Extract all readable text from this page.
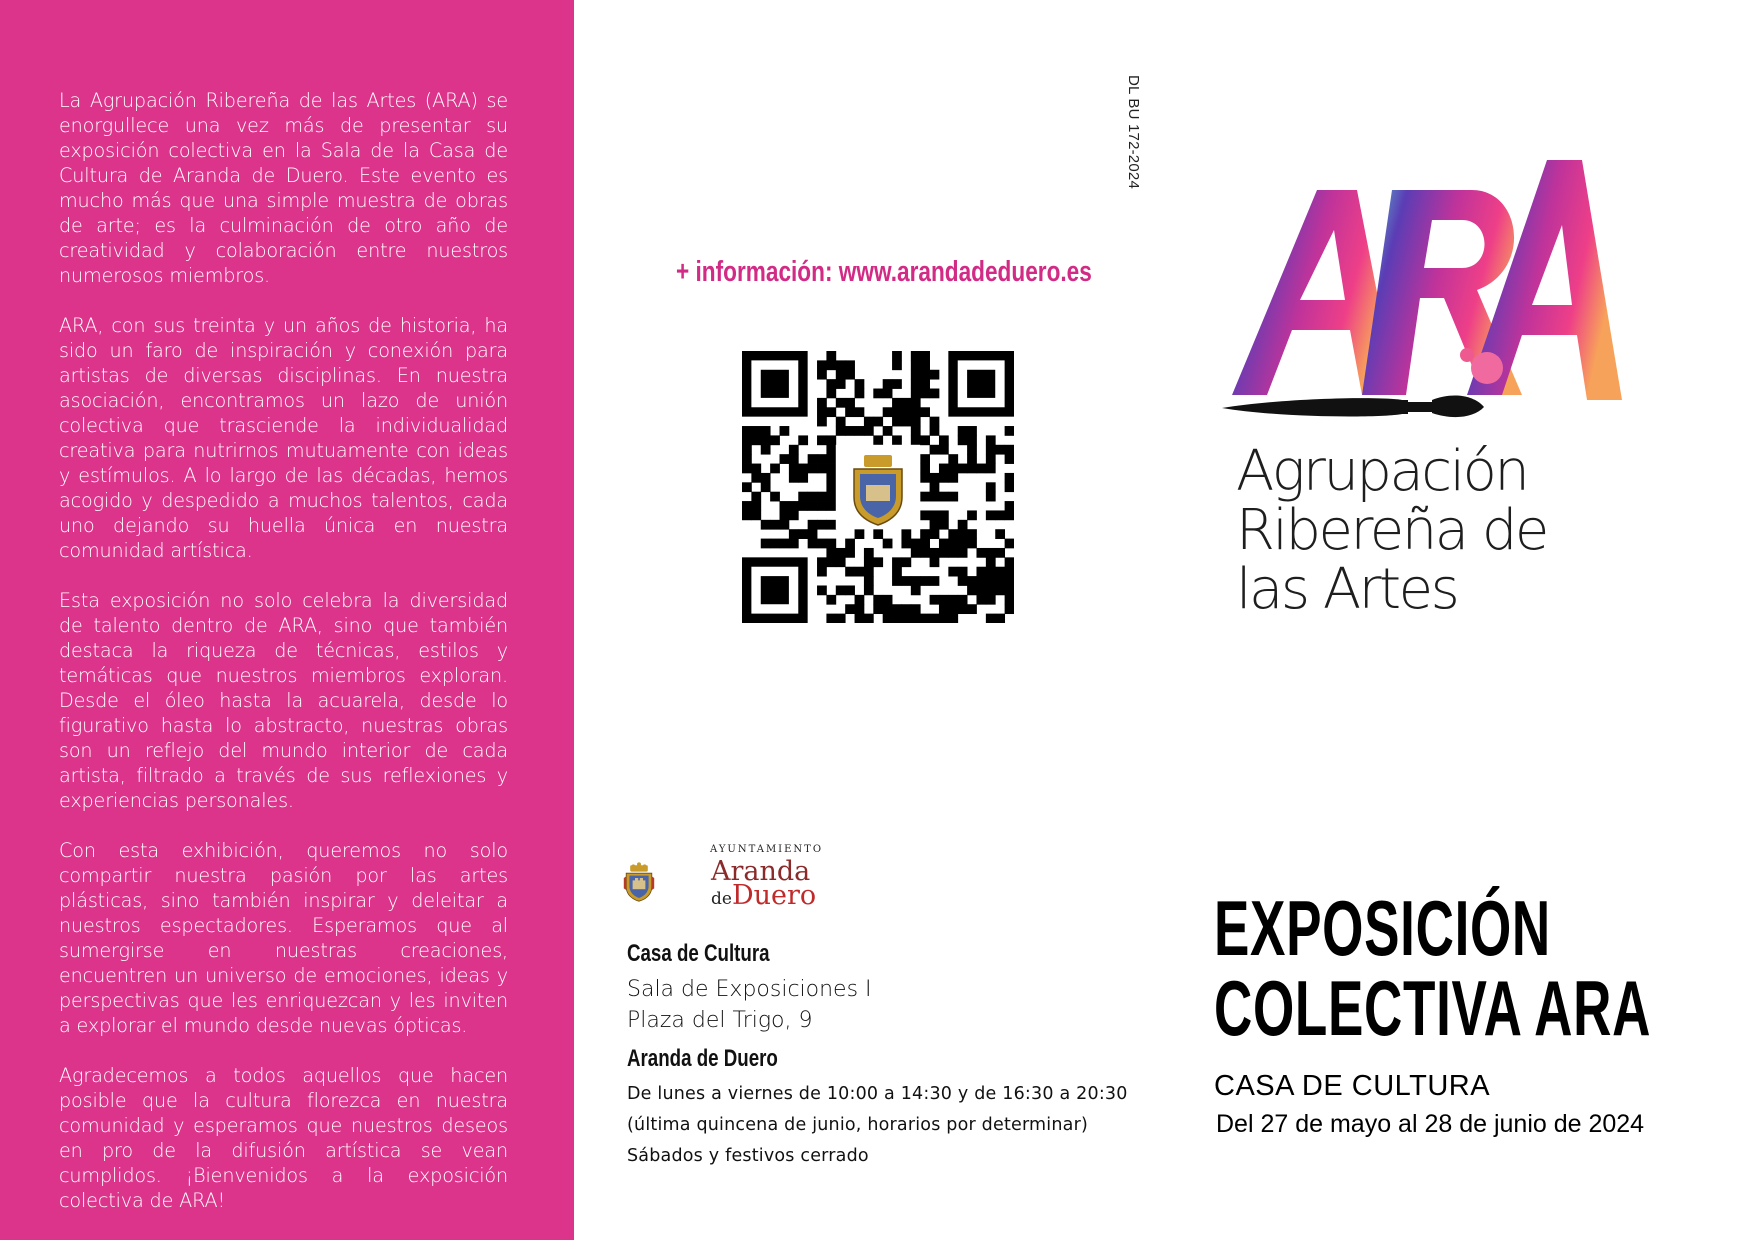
La Agrupación Ribereña de las Artes (ARA) se enorgullece una vez más de presentar su exposición colectiva en la Sala de la Casa de Cultura de Aranda de Duero. Este evento es mucho más que una simple muestra de obras de arte; es la culminación de otro año de creatividad y colaboración entre nuestros numerosos miembros.

ARA, con sus treinta y un años de historia, ha sido un faro de inspiración y conexión para artistas de diversas disciplinas. En nuestra asociación, encontramos un lazo de unión colectiva que trasciende la individualidad creativa para nutrirnos mutuamente con ideas y estímulos. A lo largo de las décadas, hemos acogido y despedido a muchos talentos, cada uno dejando su huella única en nuestra comunidad artística.

Esta exposición no solo celebra la diversidad de talento dentro de ARA, sino que también destaca la riqueza de técnicas, estilos y temáticas que nuestros miembros exploran. Desde el óleo hasta la acuarela, desde lo figurativo hasta lo abstracto, nuestras obras son un reflejo del mundo interior de cada artista, filtrado a través de sus reflexiones y experiencias personales.

Con esta exhibición, queremos no solo compartir nuestra pasión por las artes plásticas, sino también inspirar y deleitar a nuestros espectadores. Esperamos que al sumergirse en nuestras creaciones, encuentren un universo de emociones, ideas y perspectivas que les enriquezcan y les inviten a explorar el mundo desde nuevas ópticas.

Agradecemos a todos aquellos que hacen posible que la cultura florezca en nuestra comunidad y esperamos que nuestros deseos en pro de la difusión artística se vean cumplidos. ¡Bienvenidos a la exposición colectiva de ARA!

DL BU 172-2024
+ información: www.arandadeduero.es
Agrupación
Ribereña de
las Artes
AYUNTAMIENTO
Aranda
deDuero
Casa de Cultura
Sala de Exposiciones I
Plaza del Trigo, 9
Aranda de Duero
De lunes a viernes de 10:00 a 14:30 y de 16:30 a 20:30
(última quincena de junio, horarios por determinar)
Sábados y festivos cerrado
EXPOSICIÓN
COLECTIVA ARA
CASA DE CULTURA
Del 27 de mayo al 28 de junio de 2024
